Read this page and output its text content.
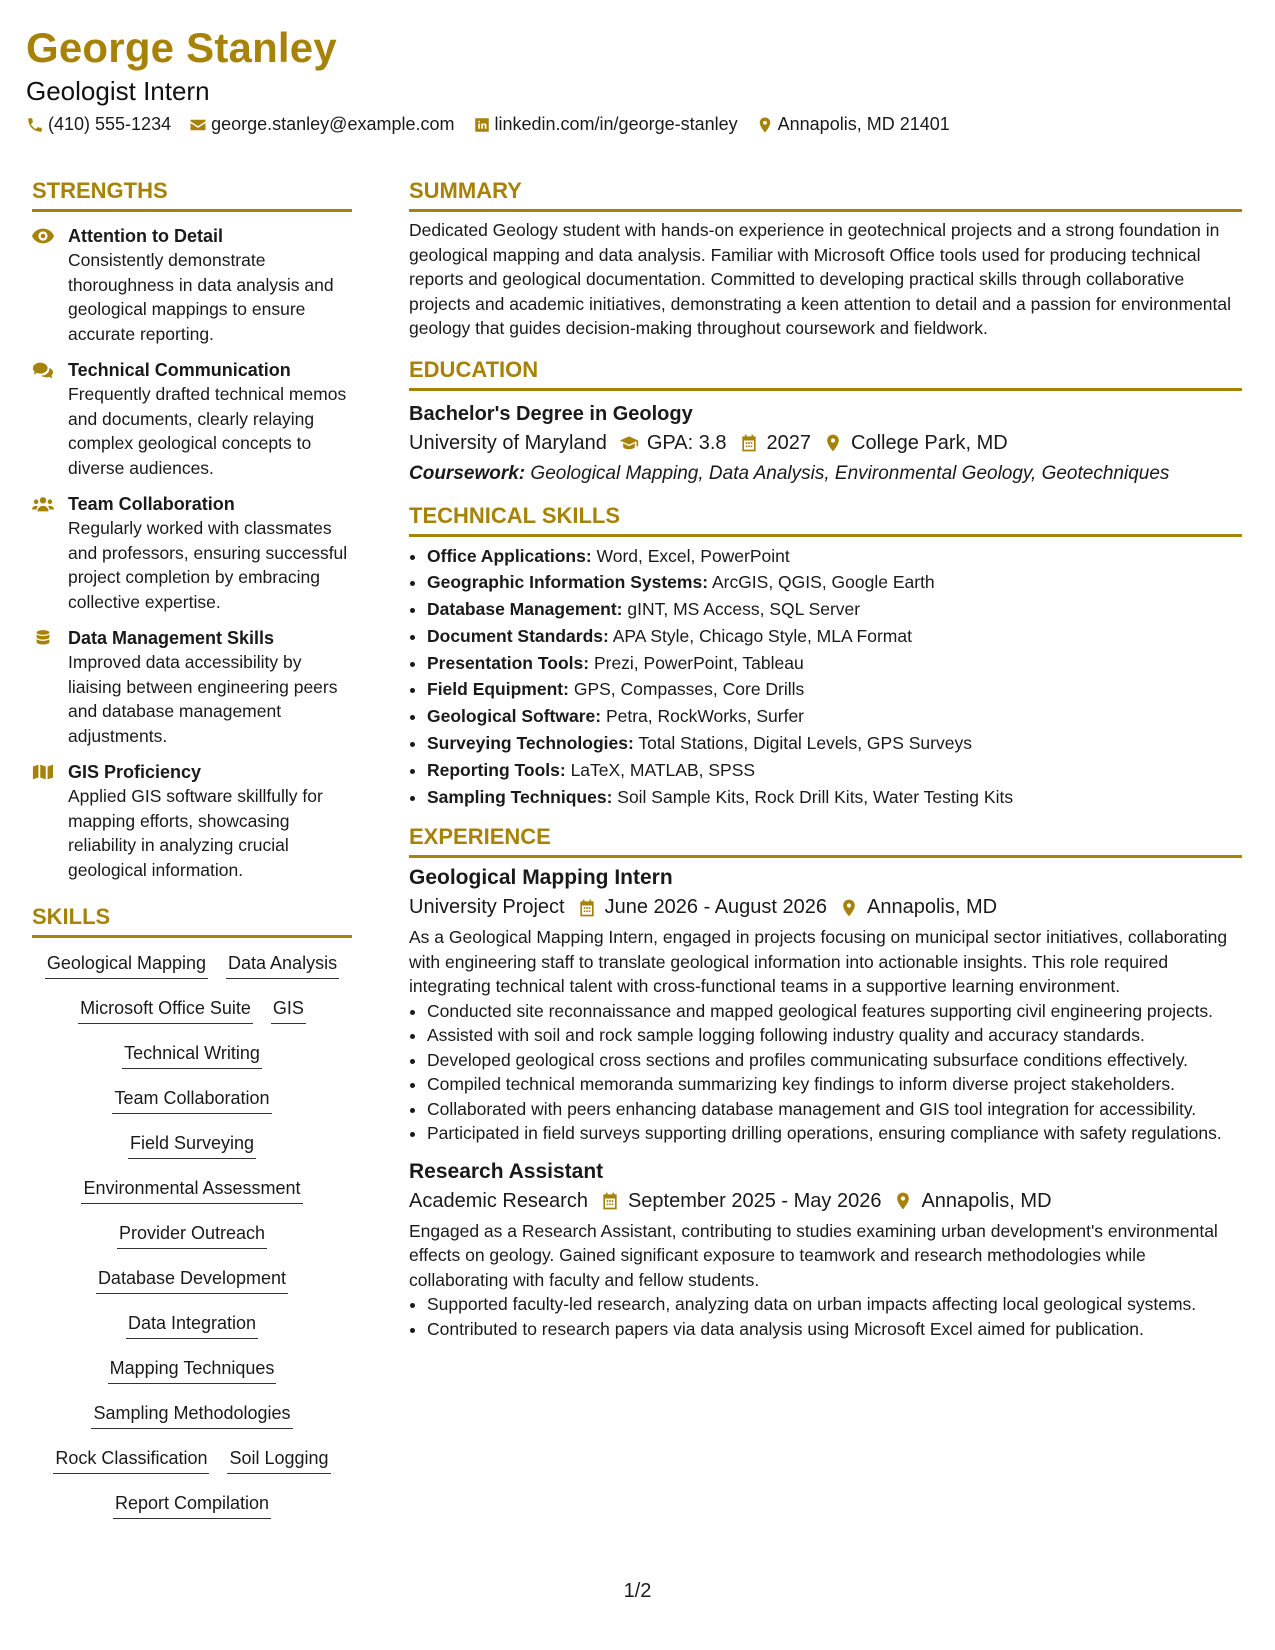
George Stanley
Geologist Intern
(410) 555-1234 george.stanley@example.com linkedin.com/in/george-stanley Annapolis, MD 21401
STRENGTHS
Attention to Detail
Consistently demonstrate thoroughness in data analysis and geological mappings to ensure accurate reporting.
Technical Communication
Frequently drafted technical memos and documents, clearly relaying complex geological concepts to diverse audiences.
Team Collaboration
Regularly worked with classmates and professors, ensuring successful project completion by embracing collective expertise.
Data Management Skills
Improved data accessibility by liaising between engineering peers and database management adjustments.
GIS Proficiency
Applied GIS software skillfully for mapping efforts, showcasing reliability in analyzing crucial geological information.
SKILLS
Geological Mapping Data Analysis
Microsoft Office Suite GIS
Technical Writing
Team Collaboration
Field Surveying
Environmental Assessment
Provider Outreach
Database Development
Data Integration
Mapping Techniques
Sampling Methodologies
Rock Classification Soil Logging
Report Compilation
SUMMARY
Dedicated Geology student with hands-on experience in geotechnical projects and a strong foundation in geological mapping and data analysis. Familiar with Microsoft Office tools used for producing technical reports and geological documentation. Committed to developing practical skills through collaborative projects and academic initiatives, demonstrating a keen attention to detail and a passion for environmental geology that guides decision-making throughout coursework and fieldwork.
EDUCATION
Bachelor's Degree in Geology
University of Maryland GPA: 3.8 2027 College Park, MD
Coursework: Geological Mapping, Data Analysis, Environmental Geology, Geotechniques
TECHNICAL SKILLS
• Office Applications: Word, Excel, PowerPoint
• Geographic Information Systems: ArcGIS, QGIS, Google Earth
• Database Management: gINT, MS Access, SQL Server
• Document Standards: APA Style, Chicago Style, MLA Format
• Presentation Tools: Prezi, PowerPoint, Tableau
• Field Equipment: GPS, Compasses, Core Drills
• Geological Software: Petra, RockWorks, Surfer
• Surveying Technologies: Total Stations, Digital Levels, GPS Surveys
• Reporting Tools: LaTeX, MATLAB, SPSS
• Sampling Techniques: Soil Sample Kits, Rock Drill Kits, Water Testing Kits
EXPERIENCE
Geological Mapping Intern
University Project June 2026 - August 2026 Annapolis, MD
As a Geological Mapping Intern, engaged in projects focusing on municipal sector initiatives, collaborating with engineering staff to translate geological information into actionable insights. This role required integrating technical talent with cross-functional teams in a supportive learning environment.
• Conducted site reconnaissance and mapped geological features supporting civil engineering projects.
• Assisted with soil and rock sample logging following industry quality and accuracy standards.
• Developed geological cross sections and profiles communicating subsurface conditions effectively.
• Compiled technical memoranda summarizing key findings to inform diverse project stakeholders.
• Collaborated with peers enhancing database management and GIS tool integration for accessibility.
• Participated in field surveys supporting drilling operations, ensuring compliance with safety regulations.
Research Assistant
Academic Research September 2025 - May 2026 Annapolis, MD
Engaged as a Research Assistant, contributing to studies examining urban development's environmental effects on geology. Gained significant exposure to teamwork and research methodologies while collaborating with faculty and fellow students.
• Supported faculty-led research, analyzing data on urban impacts affecting local geological systems.
• Contributed to research papers via data analysis using Microsoft Excel aimed for publication.
1/2
